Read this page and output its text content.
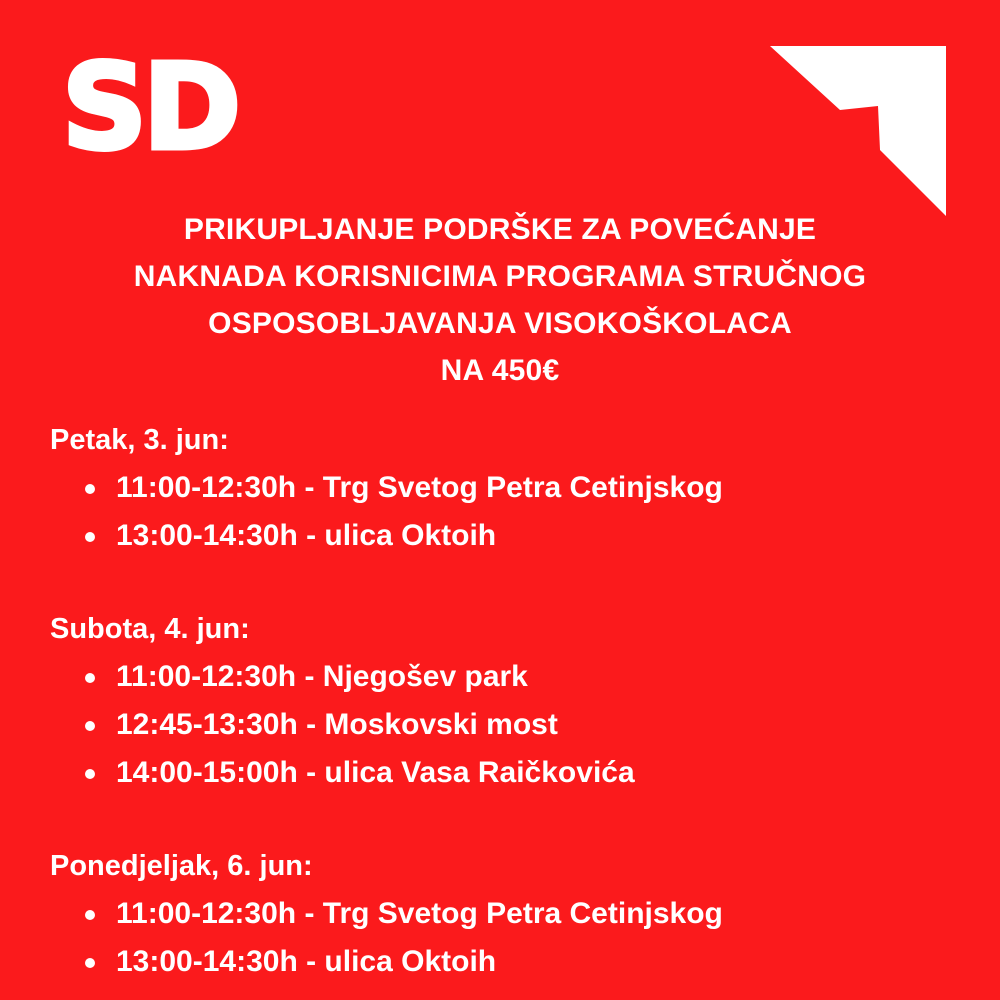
SD
PRIKUPLJANJE PODRŠKE ZA POVEĆANJE
NAKNADA KORISNICIMA PROGRAMA STRUČNOG
OSPOSOBLJAVANJA VISOKOŠKOLACA
NA 450€
Petak, 3. jun:
11:00-12:30h - Trg Svetog Petra Cetinjskog
13:00-14:30h - ulica Oktoih
Subota, 4. jun:
11:00-12:30h - Njegošev park
12:45-13:30h - Moskovski most
14:00-15:00h - ulica Vasa Raičkovića
Ponedjeljak, 6. jun:
11:00-12:30h - Trg Svetog Petra Cetinjskog
13:00-14:30h - ulica Oktoih
